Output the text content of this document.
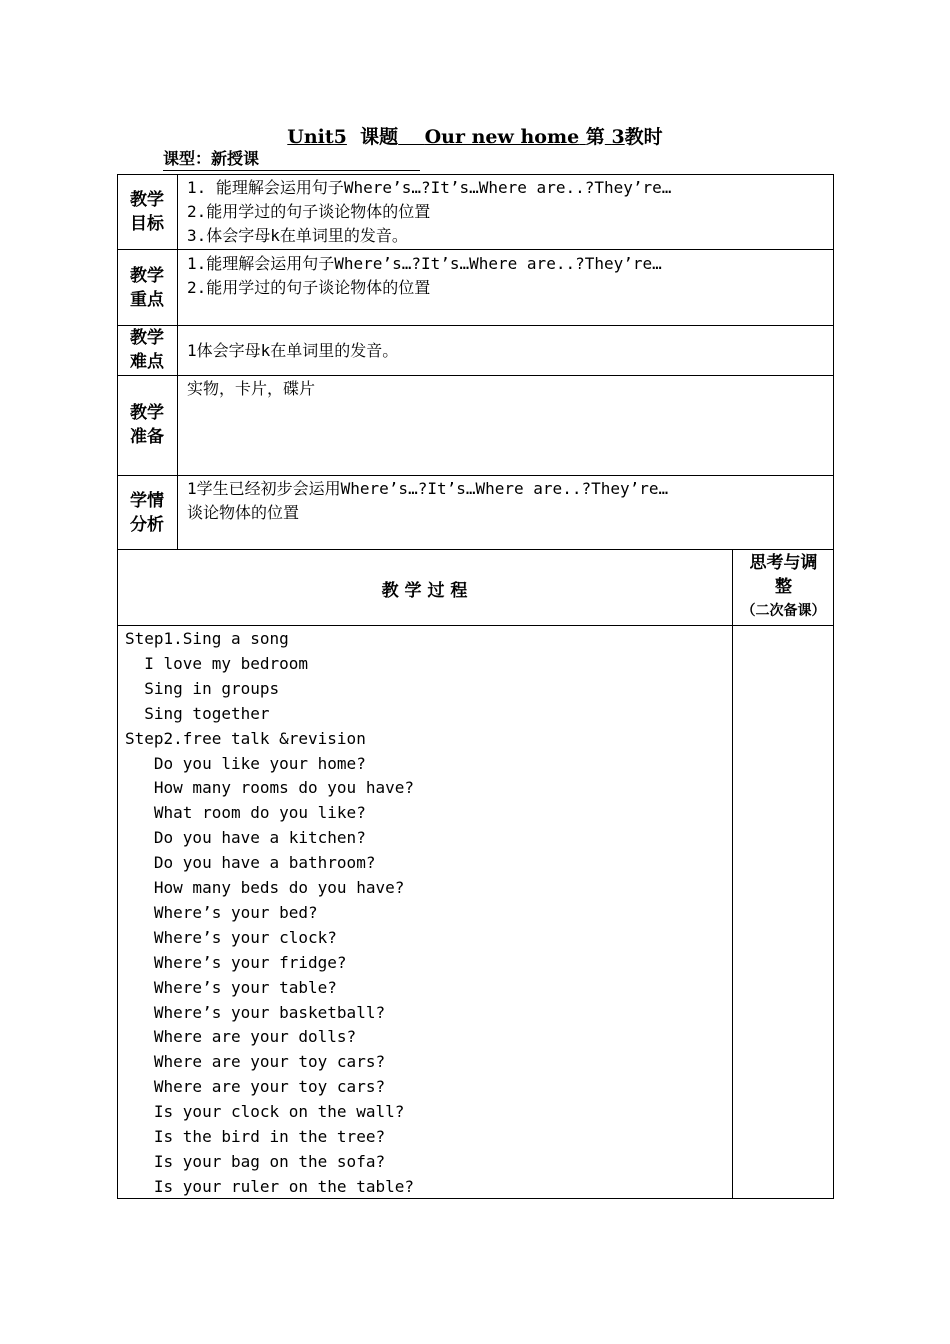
Unit5 课题 Our new home 第 3教时
课型：新授课
教学
目标
1. 能理解会运用句子Where’s…?It’s…Where are..?They’re…
2.能用学过的句子谈论物体的位置
3.体会字母k在单词里的发音。
教学
重点
1.能理解会运用句子Where’s…?It’s…Where are..?They’re…
2.能用学过的句子谈论物体的位置
教学
难点
1体会字母k在单词里的发音。
教学
准备
实物，卡片，碟片
学情
分析
1学生已经初步会运用Where’s…?It’s…Where are..?They’re…
谈论物体的位置
教 学 过 程
思考与调
整
（二次备课）
Step1.Sing a song
I love my bedroom
Sing in groups
Sing together
Step2.free talk &revision
Do you like your home?
How many rooms do you have?
What room do you like?
Do you have a kitchen?
Do you have a bathroom?
How many beds do you have?
Where’s your bed?
Where’s your clock?
Where’s your fridge?
Where’s your table?
Where’s your basketball?
Where are your dolls?
Where are your toy cars?
Where are your toy cars?
Is your clock on the wall?
Is the bird in the tree?
Is your bag on the sofa?
Is your ruler on the table?
